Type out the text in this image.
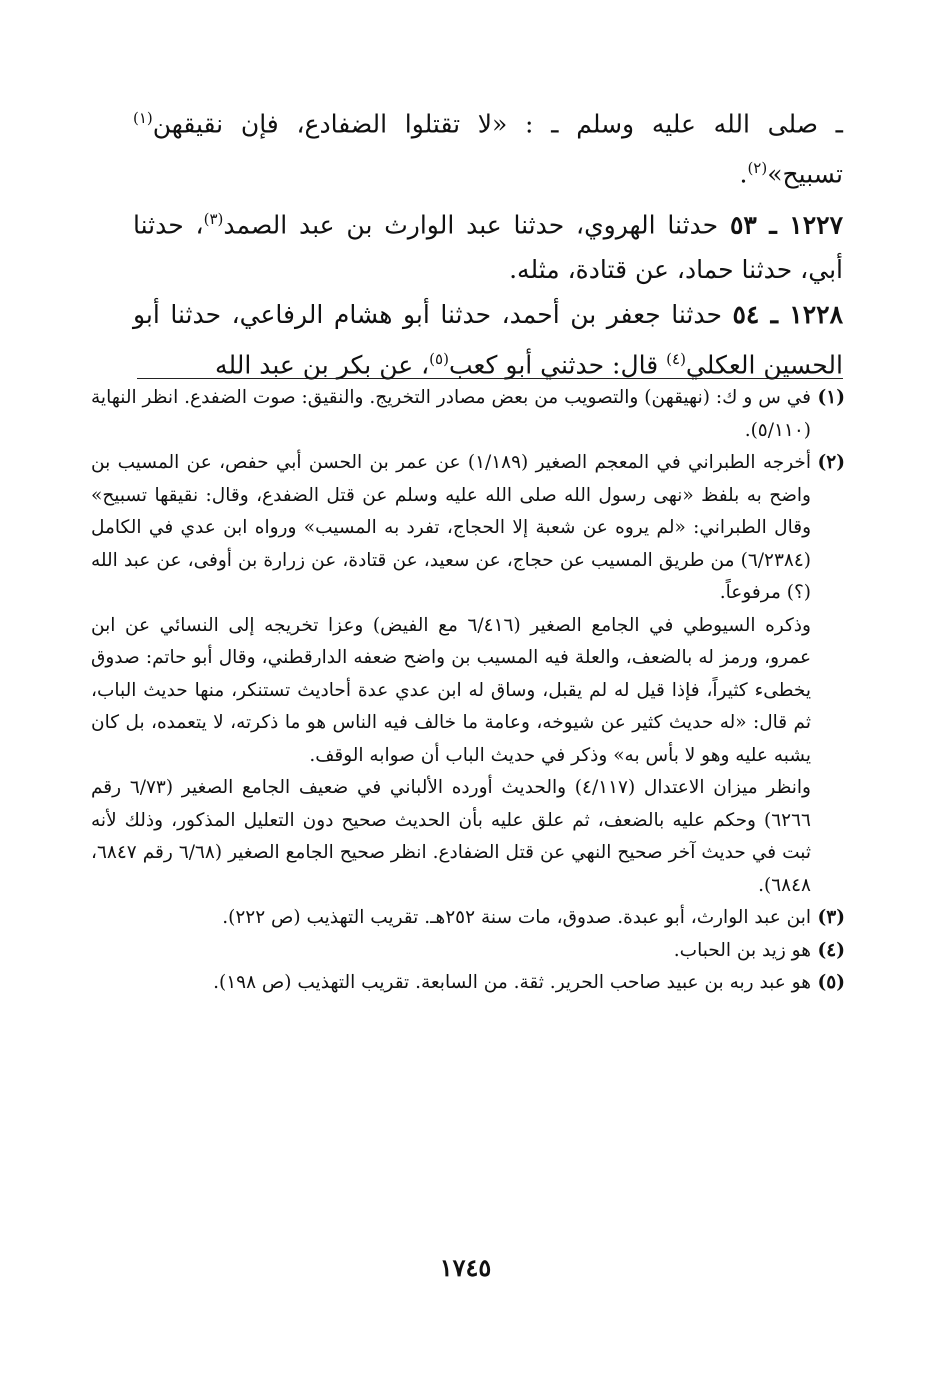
ـ صلى الله عليه وسلم ـ : «لا تقتلوا الضفادع، فإن نقيقهن$^{(١)}$ تسبيح»$^{(٢)}$.

١٢٢٧ ـ ٥٣ حدثنا الهروي، حدثنا عبد الوارث بن عبد الصمد$^{(٣)}$، حدثنا أبي، حدثنا حماد، عن قتادة، مثله.

١٢٢٨ ـ ٥٤ حدثنا جعفر بن أحمد، حدثنا أبو هشام الرفاعي، حدثنا أبو الحسين العكلي$^{(٤)}$ قال: حدثني أبو كعب$^{(٥)}$، عن بكر بن عبد الله

(١)
في س و ك: (نهيقهن) والتصويب من بعض مصادر التخريج. والنقيق: صوت الضفدع. انظر النهاية (٥/١١٠).
(٢)
أخرجه الطبراني في المعجم الصغير (١/١٨٩) عن عمر بن الحسن أبي حفص، عن المسيب بن واضح به بلفظ «نهى رسول الله صلى الله عليه وسلم عن قتل الضفدع، وقال: نقيقها تسبيح» وقال الطبراني: «لم يروه عن شعبة إلا الحجاج، تفرد به المسيب» ورواه ابن عدي في الكامل (٦/٢٣٨٤) من طريق المسيب عن حجاج، عن سعيد، عن قتادة، عن زرارة بن أوفى، عن عبد الله (؟) مرفوعاً.
وذكره السيوطي في الجامع الصغير (٦/٤١٦ مع الفيض) وعزا تخريجه إلى النسائي عن ابن عمرو، ورمز له بالضعف، والعلة فيه المسيب بن واضح ضعفه الدارقطني، وقال أبو حاتم: صدوق يخطىء كثيراً، فإذا قيل له لم يقبل، وساق له ابن عدي عدة أحاديث تستنكر، منها حديث الباب، ثم قال: «له حديث كثير عن شيوخه، وعامة ما خالف فيه الناس هو ما ذكرته، لا يتعمده، بل كان يشبه عليه وهو لا بأس به» وذكر في حديث الباب أن صوابه الوقف.
وانظر ميزان الاعتدال (٤/١١٧) والحديث أورده الألباني في ضعيف الجامع الصغير (٦/٧٣ رقم ٦٢٦٦) وحكم عليه بالضعف، ثم علق عليه بأن الحديث صحيح دون التعليل المذكور، وذلك لأنه ثبت في حديث آخر صحيح النهي عن قتل الضفادع. انظر صحيح الجامع الصغير (٦/٦٨ رقم ٦٨٤٧، ٦٨٤٨).
(٣)
ابن عبد الوارث، أبو عبدة. صدوق، مات سنة ٢٥٢هـ. تقريب التهذيب (ص ٢٢٢).
(٤)
هو زيد بن الحباب.
(٥)
هو عبد ربه بن عبيد صاحب الحرير. ثقة. من السابعة. تقريب التهذيب (ص ١٩٨).
١٧٤٥
